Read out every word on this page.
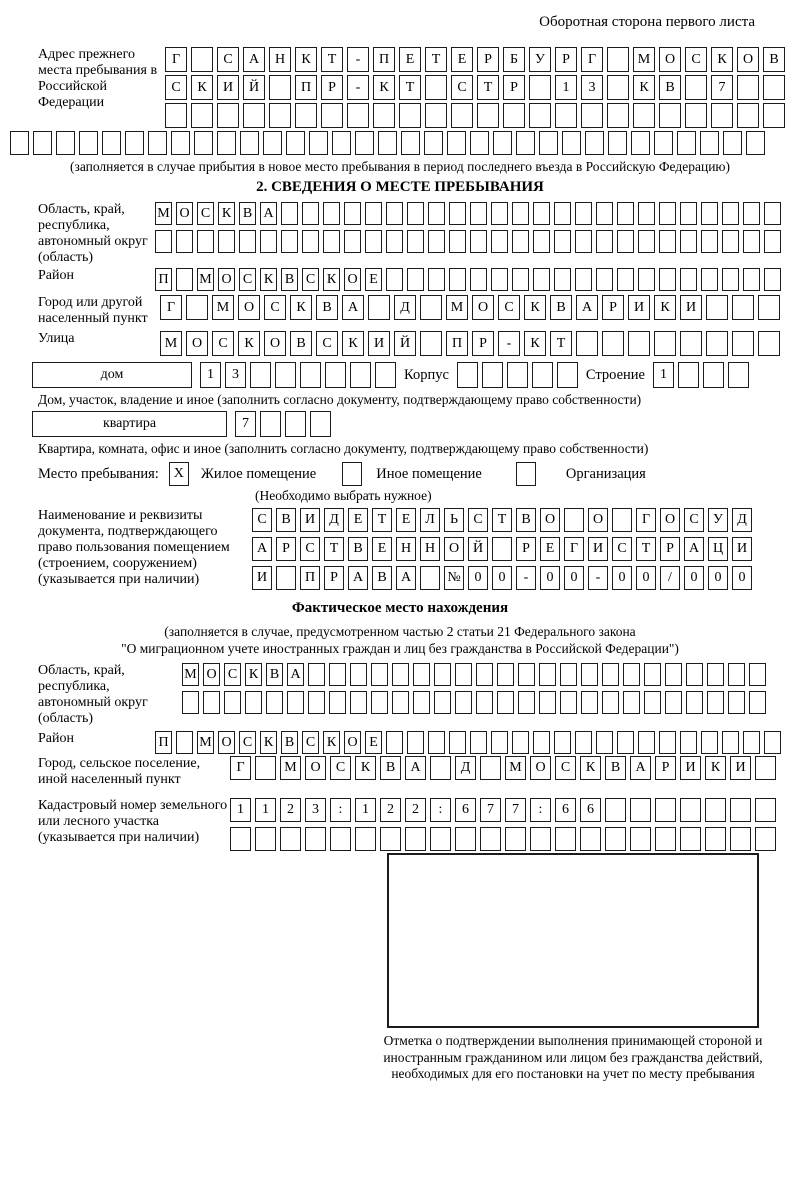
Оборотная сторона первого листа
Адрес прежнего места пребывания в Российской Федерации
Г	С	А	Н	К	Т	-	П	Е	Т	Е	Р	Б	У	Р	Г	М	О	С	К	О	В
С	К	И	Й	П	Р	-	К	Т	С	Т	Р	1	3	К	В	7
(заполняется в случае прибытия в новое место пребывания в период последнего въезда в Российскую Федерацию)
2. СВЕДЕНИЯ О МЕСТЕ ПРЕБЫВАНИЯ
Область, край, республика, автономный округ (область)
М О С К В А
Район	П М О С К В С К О Е
Город или другой населенный пункт
Г	М	О	С	К	В	А	Д	М	О	С	К	В	А	Р	И	К	И
Улица	М	О	С	К	О	В	С	К	И	Й	П	Р	-	К	Т
дом	1	3	Корпус	Строение	1
Дом, участок, владение и иное (заполнить согласно документу, подтверждающему право собственности)
квартира	7
Квартира, комната, офис и иное (заполнить согласно документу, подтверждающему право собственности)
Место пребывания:	X	Жилое помещение	Иное помещение	Организация
(Необходимо выбрать нужное)
Наименование и реквизиты документа, подтверждающего право пользования помещением (строением, сооружением) (указывается при наличии)
С	В	И	Д	Е	Т	Е	Л	Ь	С	Т	В	О	О	Г	О	С	У	Д
А	Р	С	Т	В	Е	Н Н О Й	Р	Е	Г	И	С	Т	Р	А Ц И
И	П	Р	А	В	А	№ 0	0	-	0	0	-	0	0	/	0	0	0
Фактическое место нахождения
(заполняется в случае, предусмотренном частью 2 статьи 21 Федерального закона
"О миграционном учете иностранных граждан и лиц без гражданства в Российской Федерации")
Область, край, республика, автономный округ (область)
М О С К В А
Район	П М О С К В С К О Е
Город, сельское поселение, иной населенный пункт
Г	М О	С	К	В	А	Д	М О	С	К	В	А	Р	И	К	И
Кадастровый номер земельного или лесного участка (указывается при наличии)
1	1	2	3	:	1	2	2	:	6	7	7	:	6	6
Отметка о подтверждении выполнения принимающей стороной и иностранным гражданином или лицом без гражданства действий, необходимых для его постановки на учет по месту пребывания
